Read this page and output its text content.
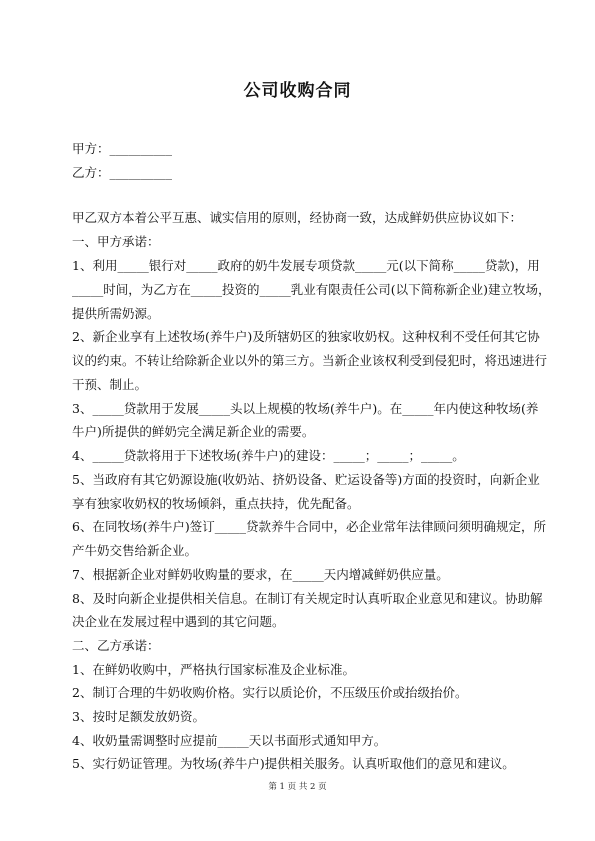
公司收购合同
甲方：__________
乙方：__________
甲乙双方本着公平互惠、诚实信用的原则，经协商一致，达成鲜奶供应协议如下：
一、甲方承诺：
1、利用_____银行对_____政府的奶牛发展专项贷款_____元(以下简称_____贷款)，用
_____时间，为乙方在_____投资的_____乳业有限责任公司(以下简称新企业)建立牧场，
提供所需奶源。
2、新企业享有上述牧场(养牛户)及所辖奶区的独家收奶权。这种权利不受任何其它协
议的约束。不转让给除新企业以外的第三方。当新企业该权利受到侵犯时，将迅速进行
干预、制止。
3、_____贷款用于发展_____头以上规模的牧场(养牛户)。在_____年内使这种牧场(养
牛户)所提供的鲜奶完全满足新企业的需要。
4、_____贷款将用于下述牧场(养牛户)的建设：_____；_____；_____。
5、当政府有其它奶源设施(收奶站、挤奶设备、贮运设备等)方面的投资时，向新企业
享有独家收奶权的牧场倾斜，重点扶持，优先配备。
6、在同牧场(养牛户)签订_____贷款养牛合同中，必企业常年法律顾问须明确规定，所
产牛奶交售给新企业。
7、根据新企业对鲜奶收购量的要求，在_____天内增减鲜奶供应量。
8、及时向新企业提供相关信息。在制订有关规定时认真听取企业意见和建议。协助解
决企业在发展过程中遇到的其它问题。
二、乙方承诺：
1、在鲜奶收购中，严格执行国家标准及企业标准。
2、制订合理的牛奶收购价格。实行以质论价，不压级压价或抬级抬价。
3、按时足额发放奶资。
4、收奶量需调整时应提前_____天以书面形式通知甲方。
5、实行奶证管理。为牧场(养牛户)提供相关服务。认真听取他们的意见和建议。
第 1 页 共 2 页
